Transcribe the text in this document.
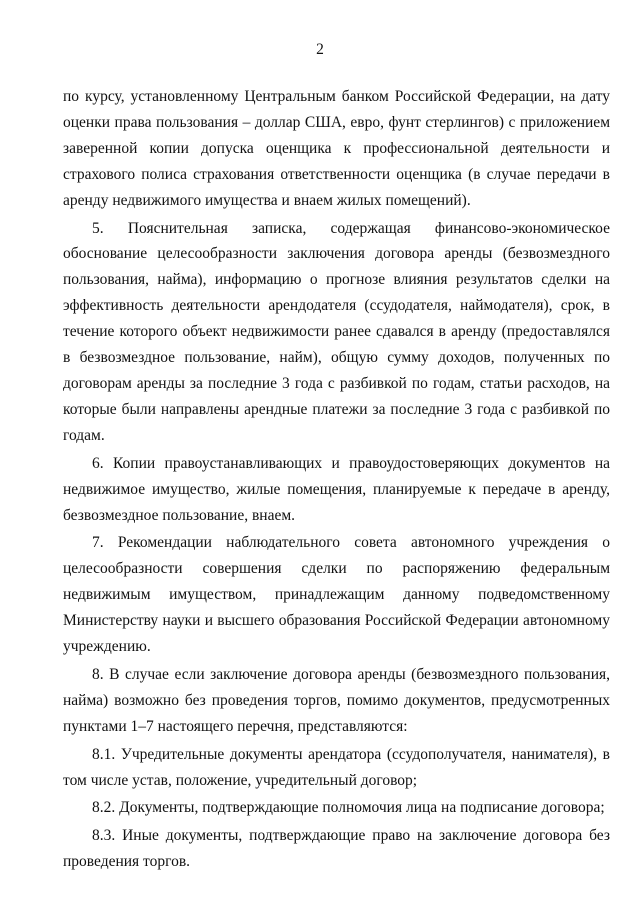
2

по курсу, установленному Центральным банком Российской Федерации, на дату оценки права пользования – доллар США, евро, фунт стерлингов) с приложением заверенной копии допуска оценщика к профессиональной деятельности и страхового полиса страхования ответственности оценщика (в случае передачи в аренду недвижимого имущества и внаем жилых помещений).

5. Пояснительная записка, содержащая финансово-экономическое обоснование целесообразности заключения договора аренды (безвозмездного пользования, найма), информацию о прогнозе влияния результатов сделки на эффективность деятельности арендодателя (ссудодателя, наймодателя), срок, в течение которого объект недвижимости ранее сдавался в аренду (предоставлялся в безвозмездное пользование, найм), общую сумму доходов, полученных по договорам аренды за последние 3 года с разбивкой по годам, статьи расходов, на которые были направлены арендные платежи за последние 3 года с разбивкой по годам.

6. Копии правоустанавливающих и правоудостоверяющих документов на недвижимое имущество, жилые помещения, планируемые к передаче в аренду, безвозмездное пользование, внаем.

7. Рекомендации наблюдательного совета автономного учреждения о целесообразности совершения сделки по распоряжению федеральным недвижимым имуществом, принадлежащим данному подведомственному Министерству науки и высшего образования Российской Федерации автономному учреждению.

8. В случае если заключение договора аренды (безвозмездного пользования, найма) возможно без проведения торгов, помимо документов, предусмотренных пунктами 1–7 настоящего перечня, представляются:

8.1. Учредительные документы арендатора (ссудополучателя, нанимателя), в том числе устав, положение, учредительный договор;

8.2. Документы, подтверждающие полномочия лица на подписание договора;

8.3. Иные документы, подтверждающие право на заключение договора без проведения торгов.
